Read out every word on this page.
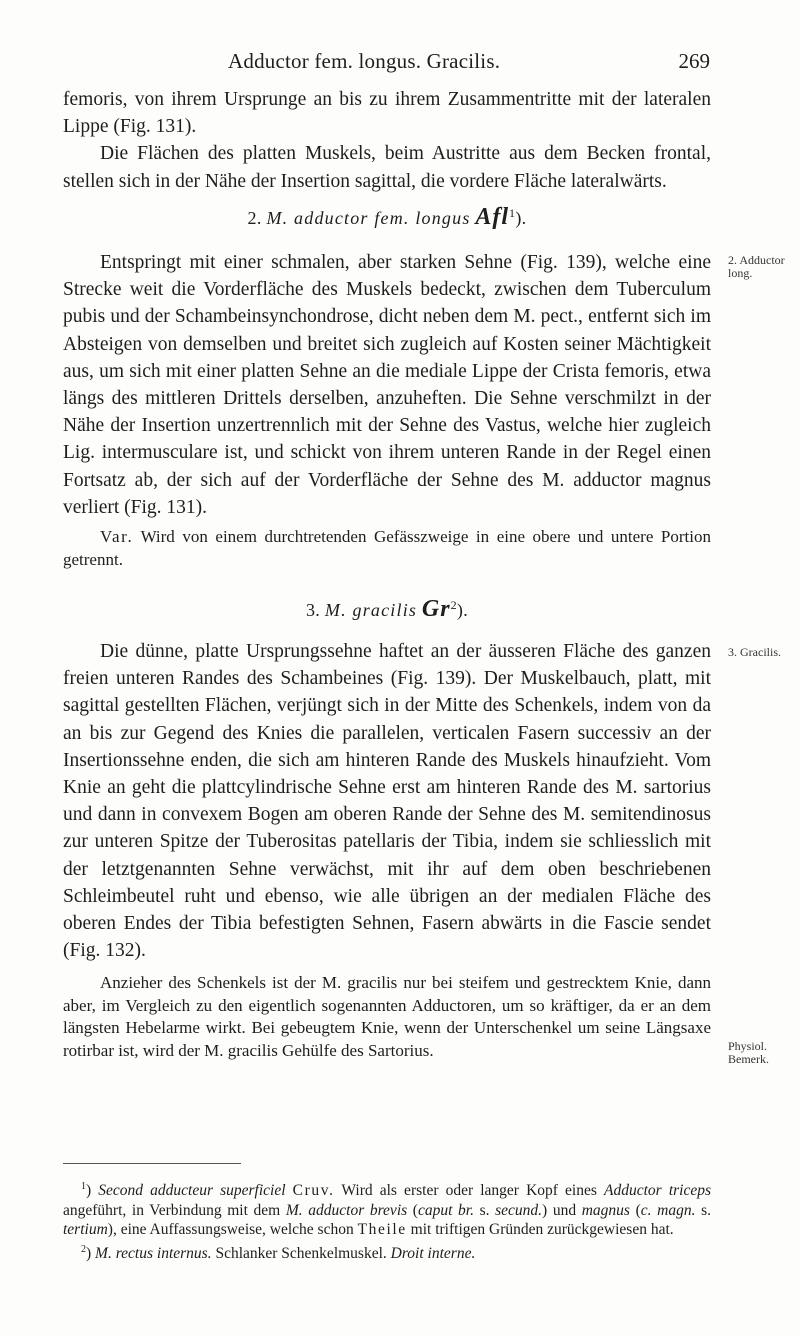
Adductor fem. longus. Gracilis.	269

femoris, von ihrem Ursprunge an bis zu ihrem Zusammentritte mit der lateralen Lippe (Fig. 131).

Die Flächen des platten Muskels, beim Austritte aus dem Becken frontal, stellen sich in der Nähe der Insertion sagittal, die vordere Fläche lateralwärts.

2. M. adductor fem. longus Afl$^1$).

Entspringt mit einer schmalen, aber starken Sehne (Fig. 139), welche eine Strecke weit die Vorderfläche des Muskels bedeckt, zwischen dem Tuberculum pubis und der Schambeinsynchondrose, dicht neben dem M. pect., entfernt sich im Absteigen von demselben und breitet sich zugleich auf Kosten seiner Mächtigkeit aus, um sich mit einer platten Sehne an die mediale Lippe der Crista femoris, etwa längs des mittleren Drittels derselben, anzuheften. Die Sehne verschmilzt in der Nähe der Insertion unzertrennlich mit der Sehne des Vastus, welche hier zugleich Lig. intermusculare ist, und schickt von ihrem unteren Rande in der Regel einen Fortsatz ab, der sich auf der Vorderfläche der Sehne des M. adductor magnus verliert (Fig. 131).

Var. Wird von einem durchtretenden Gefässzweige in eine obere und untere Portion getrennt.

2. Adductor long.
3. M. gracilis Gr$^2$).

Die dünne, platte Ursprungssehne haftet an der äusseren Fläche des ganzen freien unteren Randes des Schambeines (Fig. 139). Der Muskelbauch, platt, mit sagittal gestellten Flächen, verjüngt sich in der Mitte des Schenkels, indem von da an bis zur Gegend des Knies die parallelen, verticalen Fasern successiv an der Insertionssehne enden, die sich am hinteren Rande des Muskels hinaufzieht. Vom Knie an geht die plattcylindrische Sehne erst am hinteren Rande des M. sartorius und dann in convexem Bogen am oberen Rande der Sehne des M. semitendinosus zur unteren Spitze der Tuberositas patellaris der Tibia, indem sie schliesslich mit der letztgenannten Sehne verwächst, mit ihr auf dem oben beschriebenen Schleimbeutel ruht und ebenso, wie alle übrigen an der medialen Fläche des oberen Endes der Tibia befestigten Sehnen, Fasern abwärts in die Fascie sendet (Fig. 132).

Anzieher des Schenkels ist der M. gracilis nur bei steifem und gestrecktem Knie, dann aber, im Vergleich zu den eigentlich sogenannten Adductoren, um so kräftiger, da er an dem längsten Hebelarme wirkt. Bei gebeugtem Knie, wenn der Unterschenkel um seine Längsaxe rotirbar ist, wird der M. gracilis Gehülfe des Sartorius.

3. Gracilis.
Physiol. Bemerk.

$^1$) Second adducteur superficiel Cruv. Wird als erster oder langer Kopf eines Adductor triceps angeführt, in Verbindung mit dem M. adductor brevis (caput br. s. secund.) und magnus (c. magn. s. tertium), eine Auffassungsweise, welche schon Theile mit triftigen Gründen zurückgewiesen hat.

$^2$) M. rectus internus. Schlanker Schenkelmuskel. Droit interne.
